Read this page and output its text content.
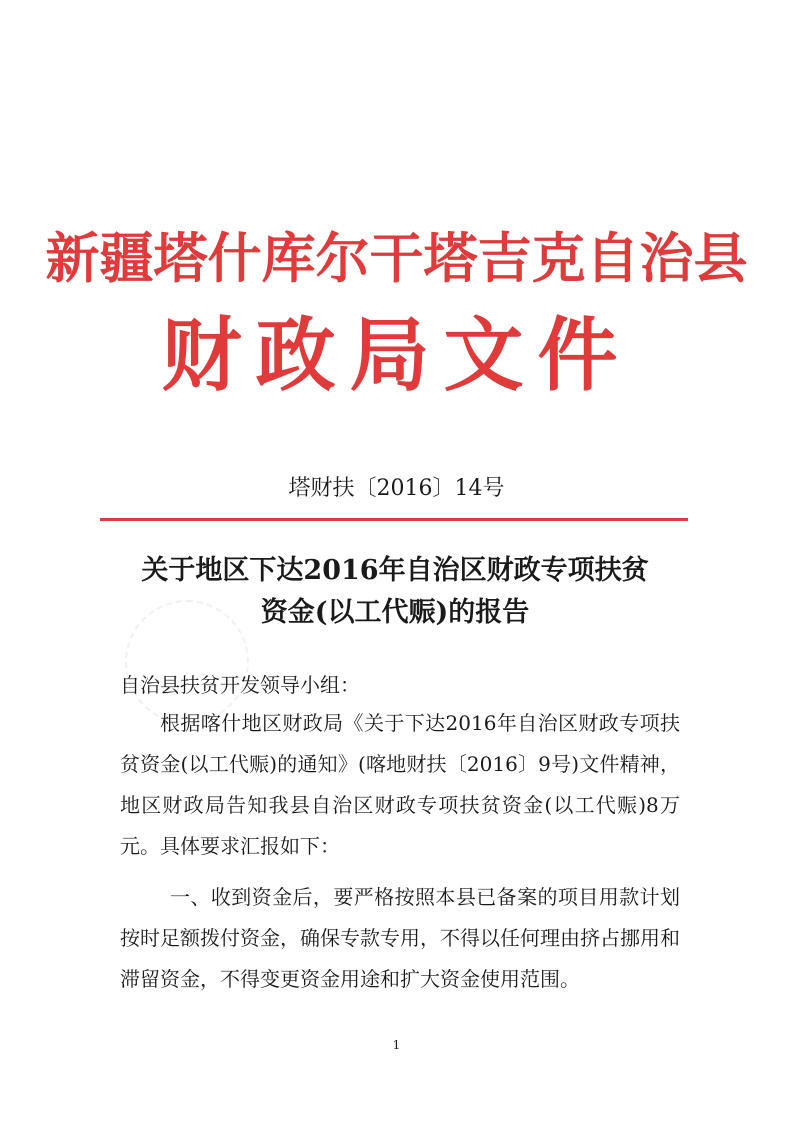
新疆塔什库尔干塔吉克自治县
财政局文件
塔财扶〔2016〕14号
关于地区下达2016年自治区财政专项扶贫
资金(以工代赈)的报告
自治县扶贫开发领导小组：
根据喀什地区财政局《关于下达2016年自治区财政专项扶贫资金(以工代赈)的通知》(喀地财扶〔2016〕9号)文件精神，地区财政局告知我县自治区财政专项扶贫资金(以工代赈)8万元。具体要求汇报如下：
一、收到资金后，要严格按照本县已备案的项目用款计划按时足额拨付资金，确保专款专用，不得以任何理由挤占挪用和滞留资金，不得变更资金用途和扩大资金使用范围。
1
